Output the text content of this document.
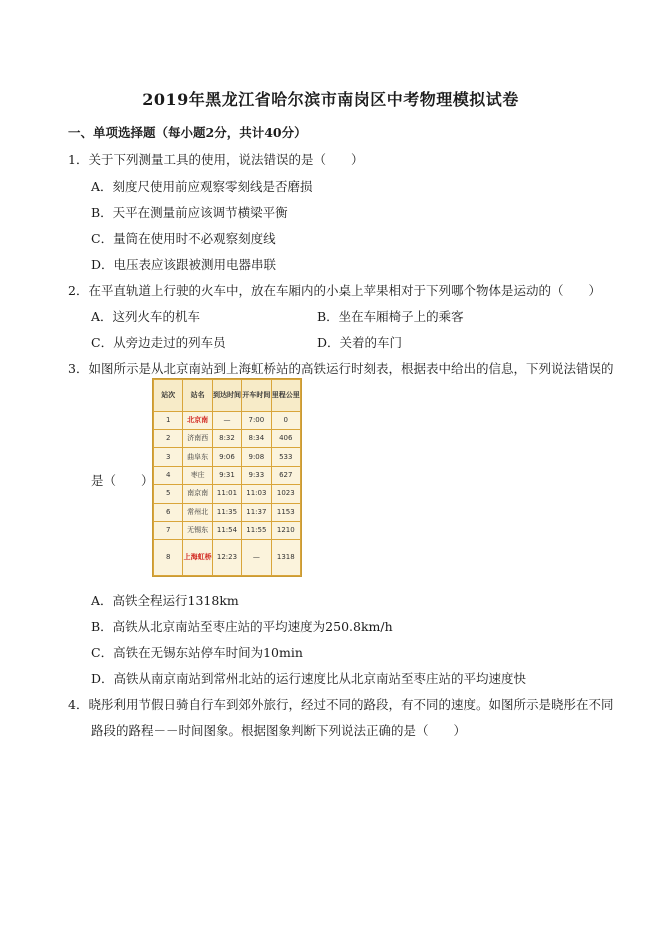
2019年黑龙江省哈尔滨市南岗区中考物理模拟试卷
一、单项选择题（每小题2分，共计40分）
1．关于下列测量工具的使用，说法错误的是（　　）
A．刻度尺使用前应观察零刻线是否磨损
B．天平在测量前应该调节横梁平衡
C．量筒在使用时不必观察刻度线
D．电压表应该跟被测用电器串联
2．在平直轨道上行驶的火车中，放在车厢内的小桌上苹果相对于下列哪个物体是运动的（　　）
A．这列火车的机车	B．坐在车厢椅子上的乘客
C．从旁边走过的列车员	D．关着的车门
3．如图所示是从北京南站到上海虹桥站的高铁运行时刻表，根据表中给出的信息，下列说法错误的
站次	站名	到达时间	开车时间	里程公里
1	北京南	—	7:00	0
2	济南西	8:32	8:34	406
3	曲阜东	9:06	9:08	533
4	枣庄	9:31	9:33	627
5	南京南	11:01	11:03	1023
6	常州北	11:35	11:37	1153
7	无锡东	11:54	11:55	1210
8	上海虹桥	12:23	—	1318
是（　　）
A．高铁全程运行1318km
B．高铁从北京南站至枣庄站的平均速度为250.8km/h
C．高铁在无锡东站停车时间为10min
D．高铁从南京南站到常州北站的运行速度比从北京南站至枣庄站的平均速度快
4．晓彤利用节假日骑自行车到郊外旅行，经过不同的路段，有不同的速度。如图所示是晓彤在不同
路段的路程－－时间图象。根据图象判断下列说法正确的是（　　）
